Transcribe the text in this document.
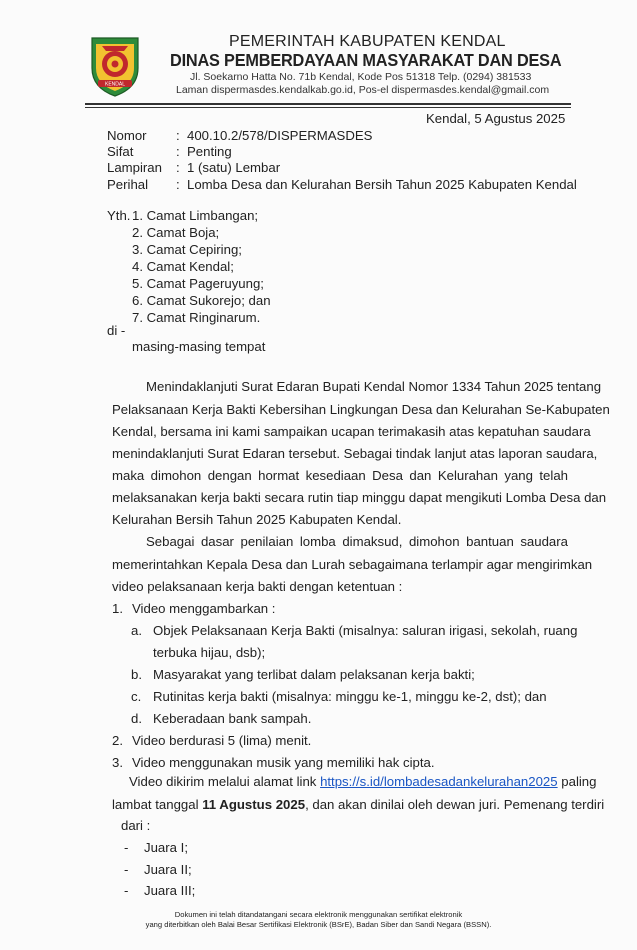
KENDAL
PEMERINTAH KABUPATEN KENDAL
DINAS PEMBERDAYAAN MASYARAKAT DAN DESA
Jl. Soekarno Hatta No. 71b Kendal, Kode Pos 51318 Telp. (0294) 381533
Laman dispermasdes.kendalkab.go.id, Pos-el dispermasdes.kendal@gmail.com
Kendal, 5 Agustus 2025
Nomor : 400.10.2/578/DISPERMASDES
Sifat	: Penting
Lampiran : 1 (satu) Lembar
Perihal : Lomba Desa dan Kelurahan Bersih Tahun 2025 Kabupaten Kendal
Yth. 1. Camat Limbangan;
2. Camat Boja;
3. Camat Cepiring;
4. Camat Kendal;
5. Camat Pageruyung;
6. Camat Sukorejo; dan
7. Camat Ringinarum.
di -
masing-masing tempat
Menindaklanjuti Surat Edaran Bupati Kendal Nomor 1334 Tahun 2025 tentang
Pelaksanaan Kerja Bakti Kebersihan Lingkungan Desa dan Kelurahan Se-Kabupaten
Kendal, bersama ini kami sampaikan ucapan terimakasih atas kepatuhan saudara
menindaklanjuti Surat Edaran tersebut. Sebagai tindak lanjut atas laporan saudara,
maka dimohon dengan hormat kesediaan Desa dan Kelurahan yang telah
melaksanakan kerja bakti secara rutin tiap minggu dapat mengikuti Lomba Desa dan
Kelurahan Bersih Tahun 2025 Kabupaten Kendal.
Sebagai dasar penilaian lomba dimaksud, dimohon bantuan saudara
memerintahkan Kepala Desa dan Lurah sebagaimana terlampir agar mengirimkan
video pelaksanaan kerja bakti dengan ketentuan :
1. Video menggambarkan :
a. Objek Pelaksanaan Kerja Bakti (misalnya: saluran irigasi, sekolah, ruang
terbuka hijau, dsb);
b. Masyarakat yang terlibat dalam pelaksanan kerja bakti;
c. Rutinitas kerja bakti (misalnya: minggu ke-1, minggu ke-2, dst); dan
d. Keberadaan bank sampah.
2. Video berdurasi 5 (lima) menit.
3. Video menggunakan musik yang memiliki hak cipta.
Video dikirim melalui alamat link https://s.id/lombadesadankelurahan2025 paling
lambat tanggal 11 Agustus 2025, dan akan dinilai oleh dewan juri. Pemenang terdiri
dari :
- Juara I;
- Juara II;
- Juara III;
Dokumen ini telah ditandatangani secara elektronik menggunakan sertifikat elektronik
yang diterbitkan oleh Balai Besar Sertifikasi Elektronik (BSrE), Badan Siber dan Sandi Negara (BSSN).
